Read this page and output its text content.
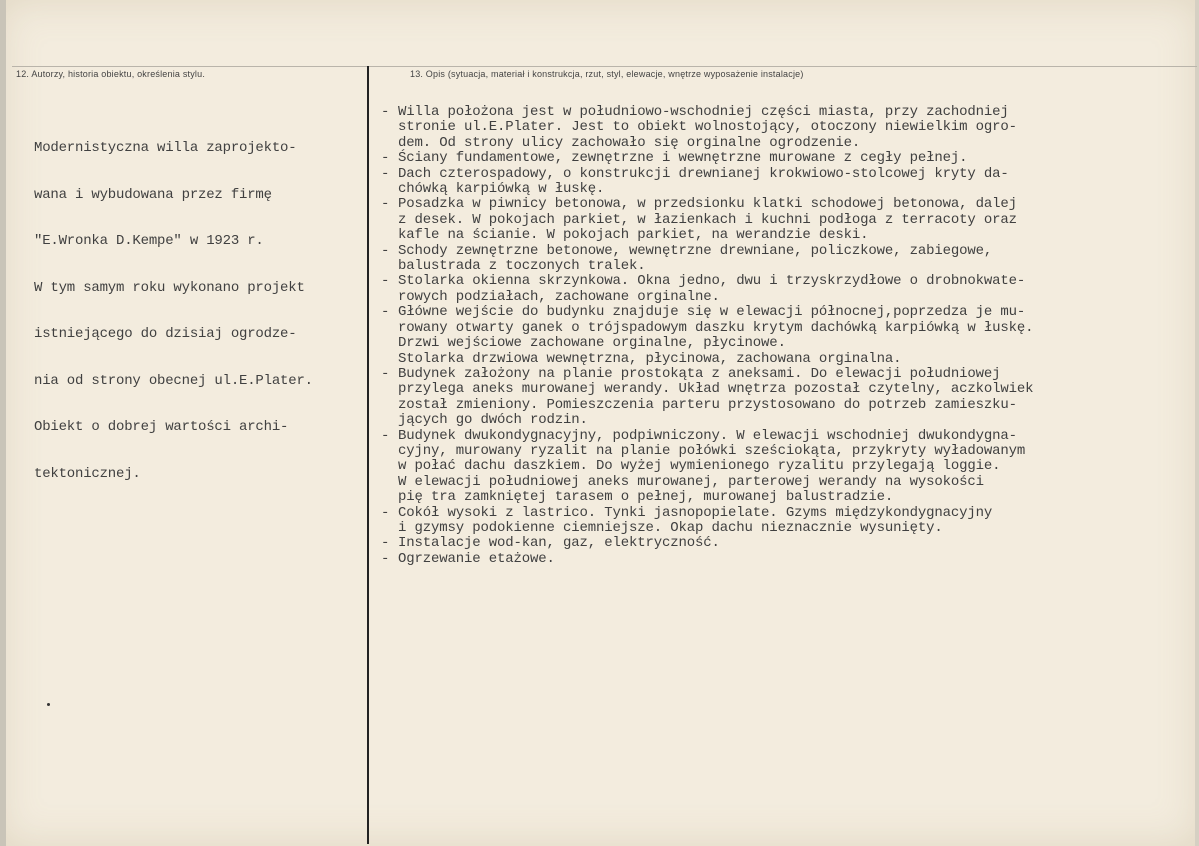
12. Autorzy, historia obiektu, określenia stylu.	13. Opis (sytuacja, materiał i konstrukcja, rzut, styl, elewacje, wnętrze wyposażenie instalacje)

Modernistyczna willa zaprojekto-

wana i wybudowana przez firmę

"E.Wronka D.Kempe" w 1923 r.

W tym samym roku wykonano projekt

istniejącego do dzisiaj ogrodze-

nia od strony obecnej ul.E.Plater.

Obiekt o dobrej wartości archi-

tektonicznej.

- Willa położona jest w południowo-wschodniej części miasta, przy zachodniej
stronie ul.E.Plater. Jest to obiekt wolnostojący, otoczony niewielkim ogro-
dem. Od strony ulicy zachowało się orginalne ogrodzenie.
- Ściany fundamentowe, zewnętrzne i wewnętrzne murowane z cegły pełnej.
- Dach czterospadowy, o konstrukcji drewnianej krokwiowo-stolcowej kryty da-
chówką karpiówką w łuskę.
- Posadzka w piwnicy betonowa, w przedsionku klatki schodowej betonowa, dalej
z desek. W pokojach parkiet, w łazienkach i kuchni podłoga z terracoty oraz
kafle na ścianie. W pokojach parkiet, na werandzie deski.
- Schody zewnętrzne betonowe, wewnętrzne drewniane, policzkowe, zabiegowe,
balustrada z toczonych tralek.
- Stolarka okienna skrzynkowa. Okna jedno, dwu i trzyskrzydłowe o drobnokwate-
rowych podziałach, zachowane orginalne.
- Główne wejście do budynku znajduje się w elewacji północnej,poprzedza je mu-
rowany otwarty ganek o trójspadowym daszku krytym dachówką karpiówką w łuskę.
Drzwi wejściowe zachowane orginalne, płycinowe.
Stolarka drzwiowa wewnętrzna, płycinowa, zachowana orginalna.
- Budynek założony na planie prostokąta z aneksami. Do elewacji południowej
przylega aneks murowanej werandy. Układ wnętrza pozostał czytelny, aczkolwiek
został zmieniony. Pomieszczenia parteru przystosowano do potrzeb zamieszku-
jących go dwóch rodzin.
- Budynek dwukondygnacyjny, podpiwniczony. W elewacji wschodniej dwukondygna-
cyjny, murowany ryzalit na planie połówki sześciokąta, przykryty wyładowanym
w połać dachu daszkiem. Do wyżej wymienionego ryzalitu przylegają loggie.
W elewacji południowej aneks murowanej, parterowej werandy na wysokości
pię tra zamkniętej tarasem o pełnej, murowanej balustradzie.
- Cokół wysoki z lastrico. Tynki jasnopopielate. Gzyms międzykondygnacyjny
i gzymsy podokienne ciemniejsze. Okap dachu nieznacznie wysunięty.
- Instalacje wod-kan, gaz, elektryczność.
- Ogrzewanie etażowe.
